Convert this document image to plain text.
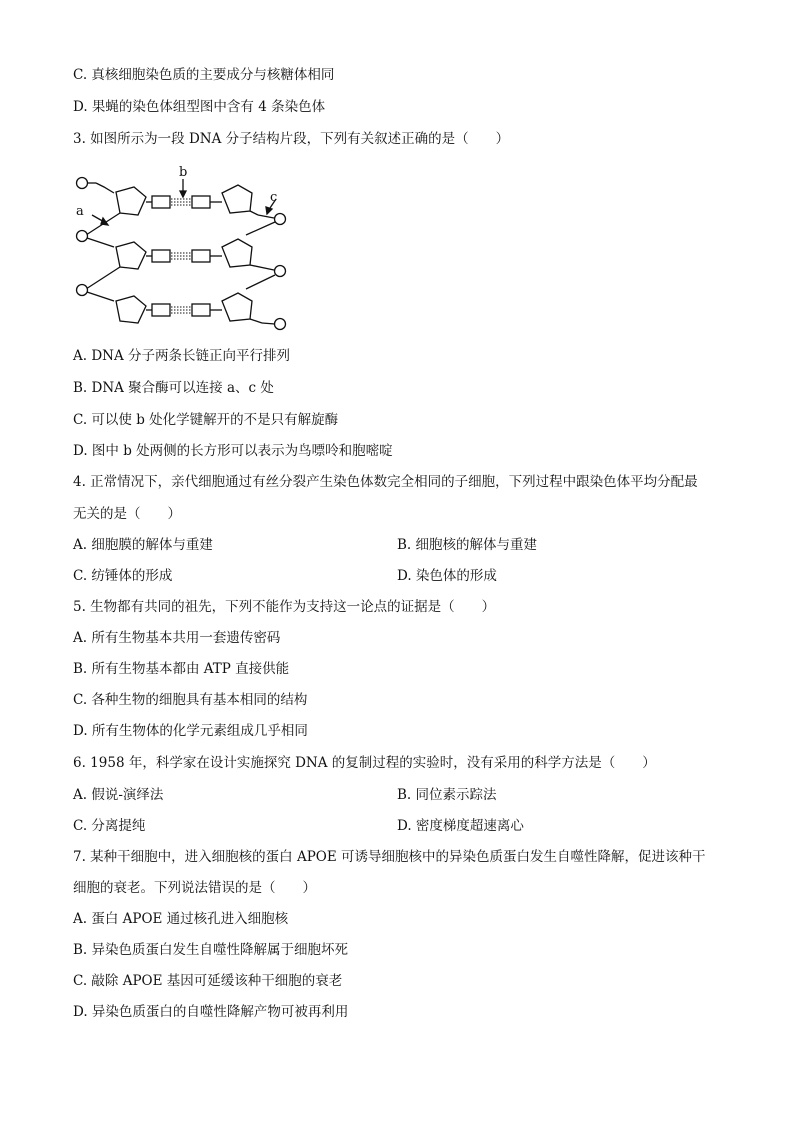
C. 真核细胞染色质的主要成分与核糖体相同
D. 果蝇的染色体组型图中含有 4 条染色体
3. 如图所示为一段 DNA 分子结构片段，下列有关叙述正确的是（　　）
b
a
c
A. DNA 分子两条长链正向平行排列
B. DNA 聚合酶可以连接 a、c 处
C. 可以使 b 处化学键解开的不是只有解旋酶
D. 图中 b 处两侧的长方形可以表示为鸟嘌呤和胞嘧啶
4. 正常情况下，亲代细胞通过有丝分裂产生染色体数完全相同的子细胞，下列过程中跟染色体平均分配最
无关的是（　　）
A. 细胞膜的解体与重建	B. 细胞核的解体与重建
C. 纺锤体的形成	D. 染色体的形成
5. 生物都有共同的祖先，下列不能作为支持这一论点的证据是（　　）
A. 所有生物基本共用一套遗传密码
B. 所有生物基本都由 ATP 直接供能
C. 各种生物的细胞具有基本相同的结构
D. 所有生物体的化学元素组成几乎相同
6. 1958 年，科学家在设计实施探究 DNA 的复制过程的实验时，没有采用的科学方法是（　　）
A. 假说-演绎法	B. 同位素示踪法
C. 分离提纯	D. 密度梯度超速离心
7. 某种干细胞中，进入细胞核的蛋白 APOE 可诱导细胞核中的异染色质蛋白发生自噬性降解，促进该种干
细胞的衰老。下列说法错误的是（　　）
A. 蛋白 APOE 通过核孔进入细胞核
B. 异染色质蛋白发生自噬性降解属于细胞坏死
C. 敲除 APOE 基因可延缓该种干细胞的衰老
D. 异染色质蛋白的自噬性降解产物可被再利用
